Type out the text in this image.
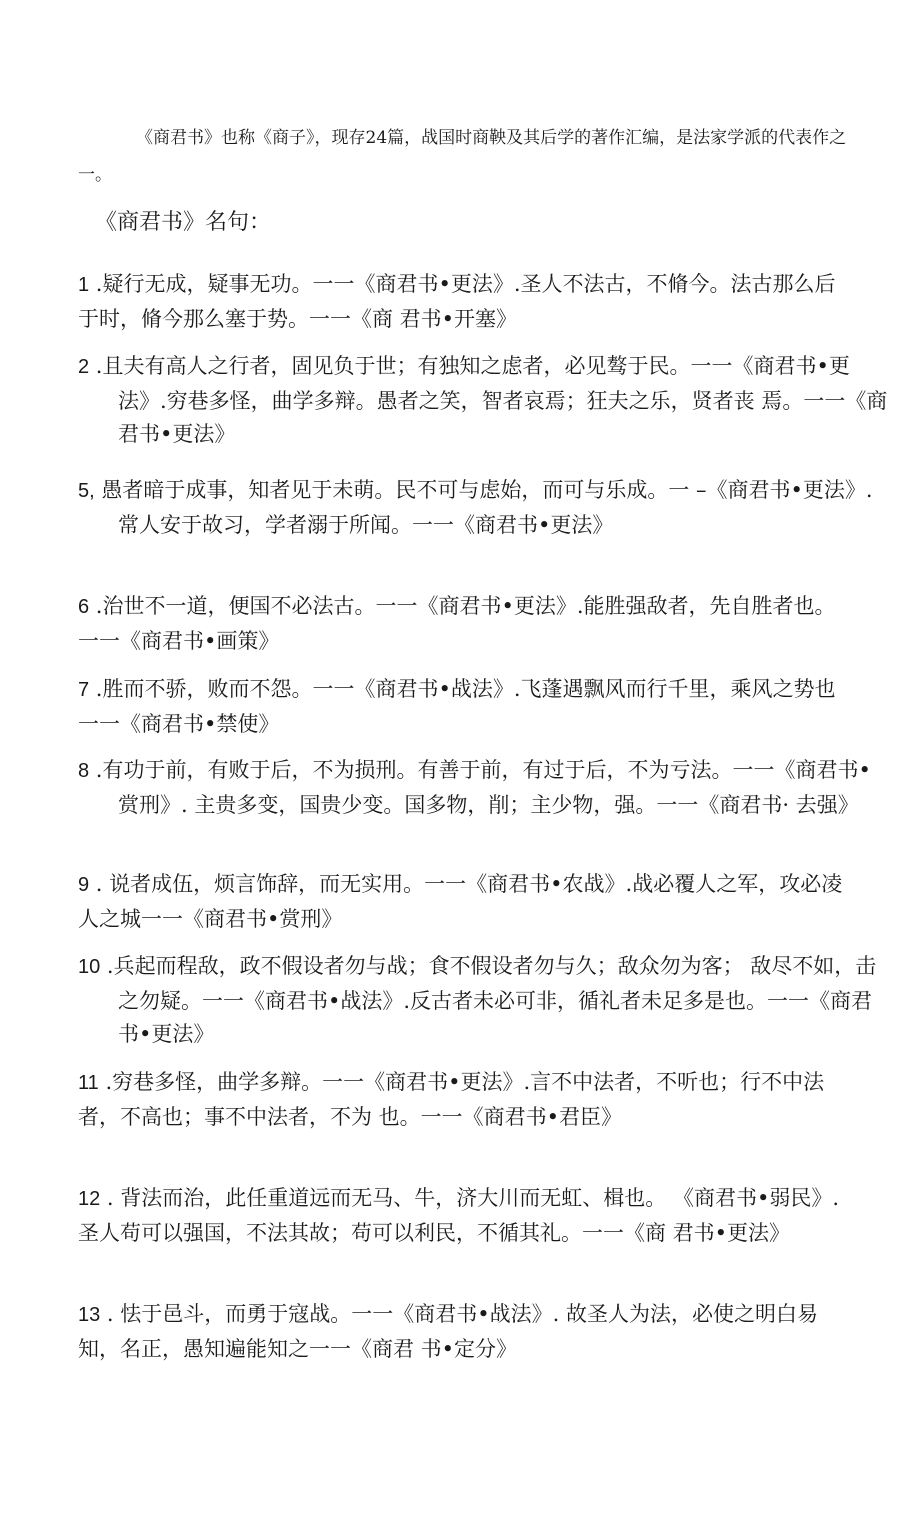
《商君书》也称《商子》，现存24篇，战国时商鞅及其后学的著作汇编，是法家学派的代表作之一。

《商君书》名句：

1 .疑行无成，疑事无功。一一《商君书•更法》.圣人不法古，不脩今。法古那么后于时，脩今那么塞于势。一一《商 君书•开塞》

2 .且夫有高人之行者，固见负于世；有独知之虑者，必见骜于民。一一《商君书•更法》.穷巷多怪，曲学多辩。愚者之笑，智者哀焉；狂夫之乐，贤者丧 焉。一一《商君书•更法》

5, 愚者暗于成事，知者见于未萌。民不可与虑始，而可与乐成。一 –《商君书•更法》.常人安于故习，学者溺于所闻。一一《商君书•更法》

6 .治世不一道，便国不必法古。一一《商君书•更法》.能胜强敌者，先自胜者也。一一《商君书•画策》

7 .胜而不骄，败而不怨。一一《商君书•战法》.飞蓬遇飘风而行千里，乘风之势也一一《商君书•禁使》

8 .有功于前，有败于后，不为损刑。有善于前，有过于后，不为亏法。一一《商君书•赏刑》. 主贵多变，国贵少变。国多物，削；主少物，强。一一《商君书· 去强》

9 . 说者成伍，烦言饰辞，而无实用。一一《商君书•农战》.战必覆人之军，攻必凌人之城一一《商君书•赏刑》

10 .兵起而程敌，政不假设者勿与战；食不假设者勿与久；敌众勿为客； 敌尽不如，击之勿疑。一一《商君书•战法》.反古者未必可非，循礼者未足多是也。一一《商君书•更法》

11 .穷巷多怪，曲学多辩。一一《商君书•更法》.言不中法者，不听也；行不中法者，不高也；事不中法者，不为 也。一一《商君书•君臣》

12 . 背法而治，此任重道远而无马、牛，济大川而无虹、楫也。 《商君书•弱民》. 圣人苟可以强国，不法其故；苟可以利民，不循其礼。一一《商 君书•更法》

13 . 怯于邑斗，而勇于寇战。一一《商君书•战法》. 故圣人为法，必使之明白易知，名正，愚知遍能知之一一《商君 书•定分》
